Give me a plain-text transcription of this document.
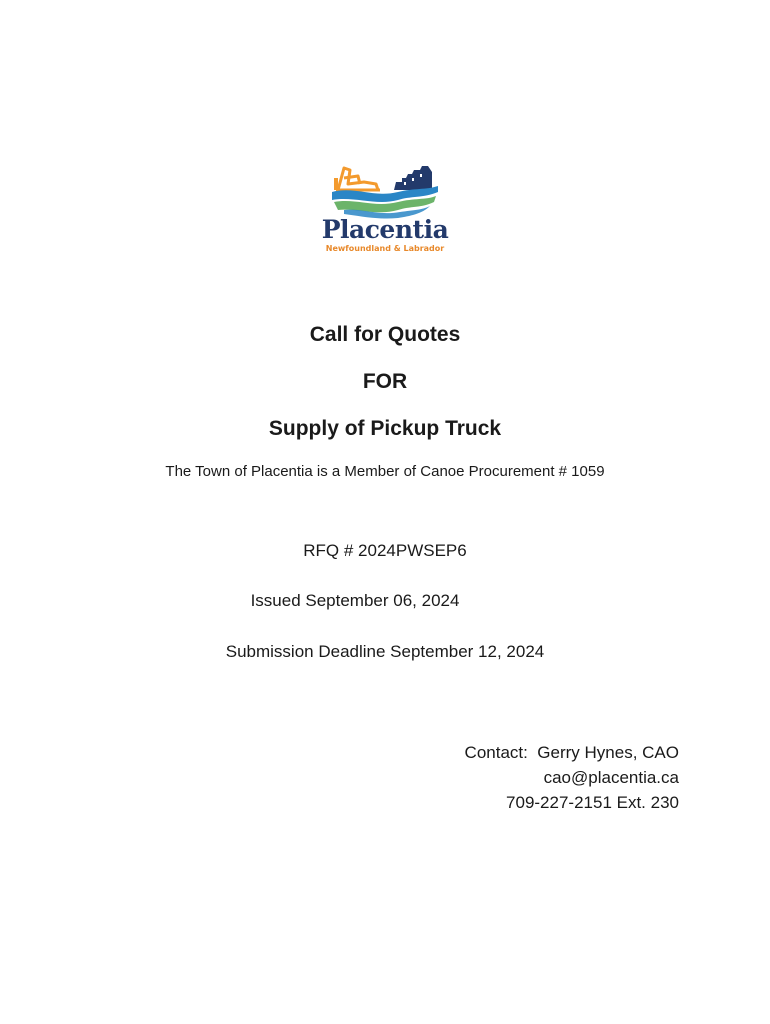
Placentia
Newfoundland & Labrador
Call for Quotes
FOR
Supply of Pickup Truck
The Town of Placentia is a Member of Canoe Procurement # 1059
RFQ # 2024PWSEP6
Issued September 06, 2024
Submission Deadline September 12, 2024
Contact:  Gerry Hynes, CAO
cao@placentia.ca
709-227-2151 Ext. 230
